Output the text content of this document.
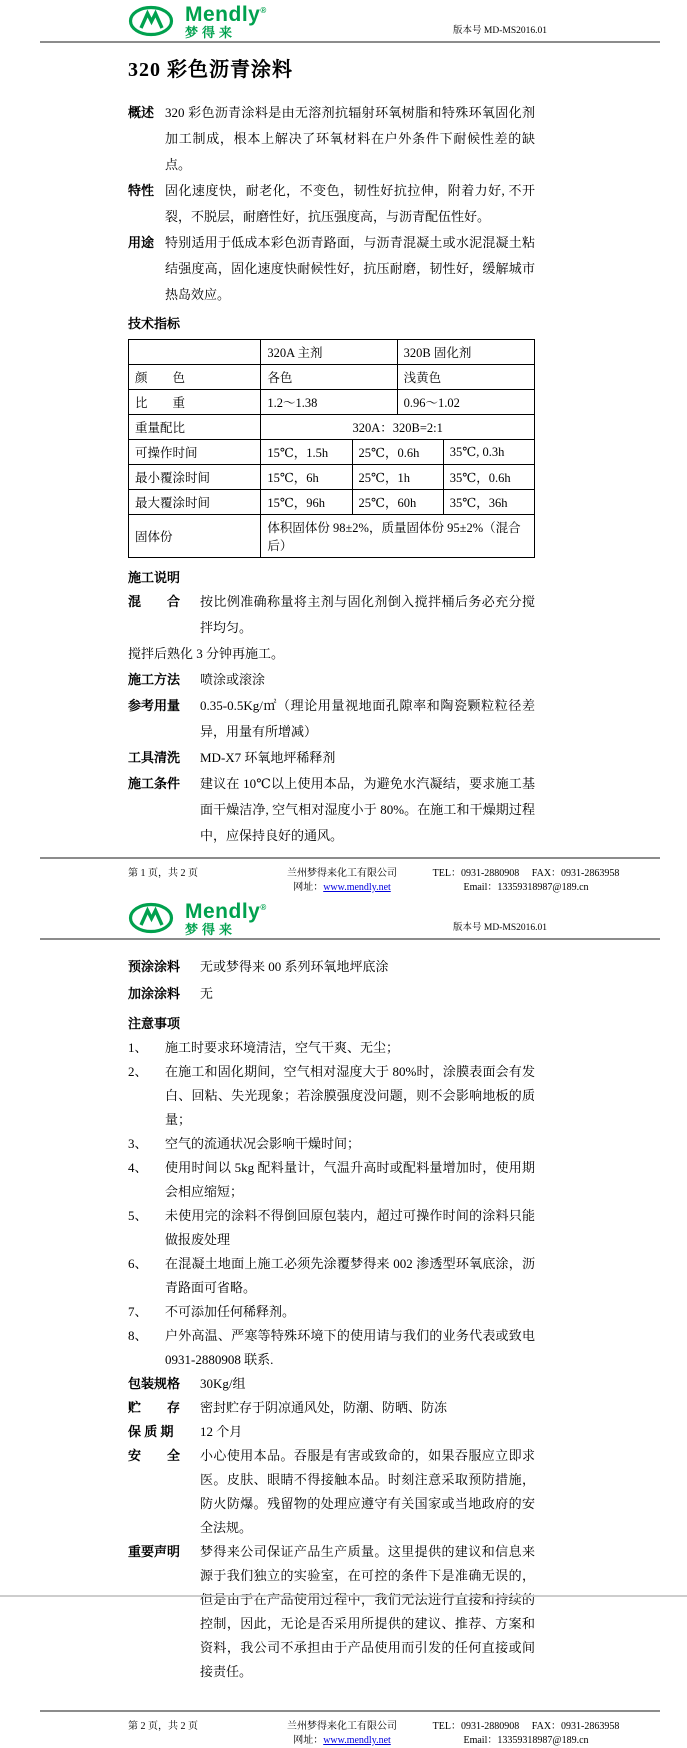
Mendly®
梦得来	版本号 MD-MS2016.01
320 彩色沥青涂料
概述 320 彩色沥青涂料是由无溶剂抗辐射环氧树脂和特殊环氧固化剂加工制成，根本上解决了环氧材料在户外条件下耐候性差的缺点。
特性 固化速度快，耐老化，不变色，韧性好抗拉伸，附着力好, 不开裂，不脱层，耐磨性好，抗压强度高，与沥青配伍性好。
用途 特别适用于低成本彩色沥青路面，与沥青混凝土或水泥混凝土粘结强度高，固化速度快耐候性好，抗压耐磨，韧性好，缓解城市热岛效应。
技术指标
	320A 主剂		320B 固化剂	
颜　　色	各色		浅黄色	
比　　重	1.2～1.38		0.96～1.02	
重量配比	320A：320B=2:1			
可操作时间	15℃，1.5h	25℃，0.6h		35℃, 0.3h
最小覆涂时间	15℃，6h	25℃，1h		35℃，0.6h
最大覆涂时间	15℃，96h	25℃，60h		35℃，36h
固体份	体积固体份 98±2%，质量固体份 95±2%（混合后）			
施工说明
混　　合	按比例准确称量将主剂与固化剂倒入搅拌桶后务必充分搅拌均匀。
搅拌后熟化 3 分钟再施工。
施工方法	喷涂或滚涂
参考用量	0.35-0.5Kg/㎡（理论用量视地面孔隙率和陶瓷颗粒粒径差异，用量有所增减）
工具清洗	MD-X7 环氧地坪稀释剂
施工条件	建议在 10℃以上使用本品，为避免水汽凝结，要求施工基面干燥洁净, 空气相对湿度小于 80%。在施工和干燥期过程中，应保持良好的通风。
第 1 页，共 2 页	兰州梦得来化工有限公司
网址：www.mendly.net
TEL：0931-2880908 FAX：0931-2863958
Email：13359318987@189.cn
Mendly®
梦得来	版本号 MD-MS2016.01
预涂涂料	无或梦得来 00 系列环氧地坪底涂
加涂涂料	无
注意事项
1、	施工时要求环境清洁，空气干爽、无尘；
2、	在施工和固化期间，空气相对湿度大于 80%时，涂膜表面会有发白、回粘、失光现象；若涂膜强度没问题，则不会影响地板的质量；
3、	空气的流通状况会影响干燥时间；
4、	使用时间以 5kg 配料量计，气温升高时或配料量增加时，使用期会相应缩短；
5、	未使用完的涂料不得倒回原包装内，超过可操作时间的涂料只能做报废处理
6、	在混凝土地面上施工必须先涂覆梦得来 002 渗透型环氧底涂，沥青路面可省略。
7、	不可添加任何稀释剂。
8、	户外高温、严寒等特殊环境下的使用请与我们的业务代表或致电 0931-2880908 联系.
包装规格	30Kg/组
贮　　存	密封贮存于阴凉通风处，防潮、防晒、防冻
保 质 期	12 个月
安　　全	小心使用本品。吞服是有害或致命的，如果吞服应立即求医。皮肤、眼睛不得接触本品。时刻注意采取预防措施，防火防爆。残留物的处理应遵守有关国家或当地政府的安全法规。
重要声明	梦得来公司保证产品生产质量。这里提供的建议和信息来源于我们独立的实验室，在可控的条件下是准确无误的，但是由于在产品使用过程中，我们无法进行直接和持续的控制，因此，无论是否采用所提供的建议、推荐、方案和资料，我公司不承担由于产品使用而引发的任何直接或间接责任。
第 2 页，共 2 页	兰州梦得来化工有限公司
网址：www.mendly.net
TEL：0931-2880908 FAX：0931-2863958
Email：13359318987@189.cn
